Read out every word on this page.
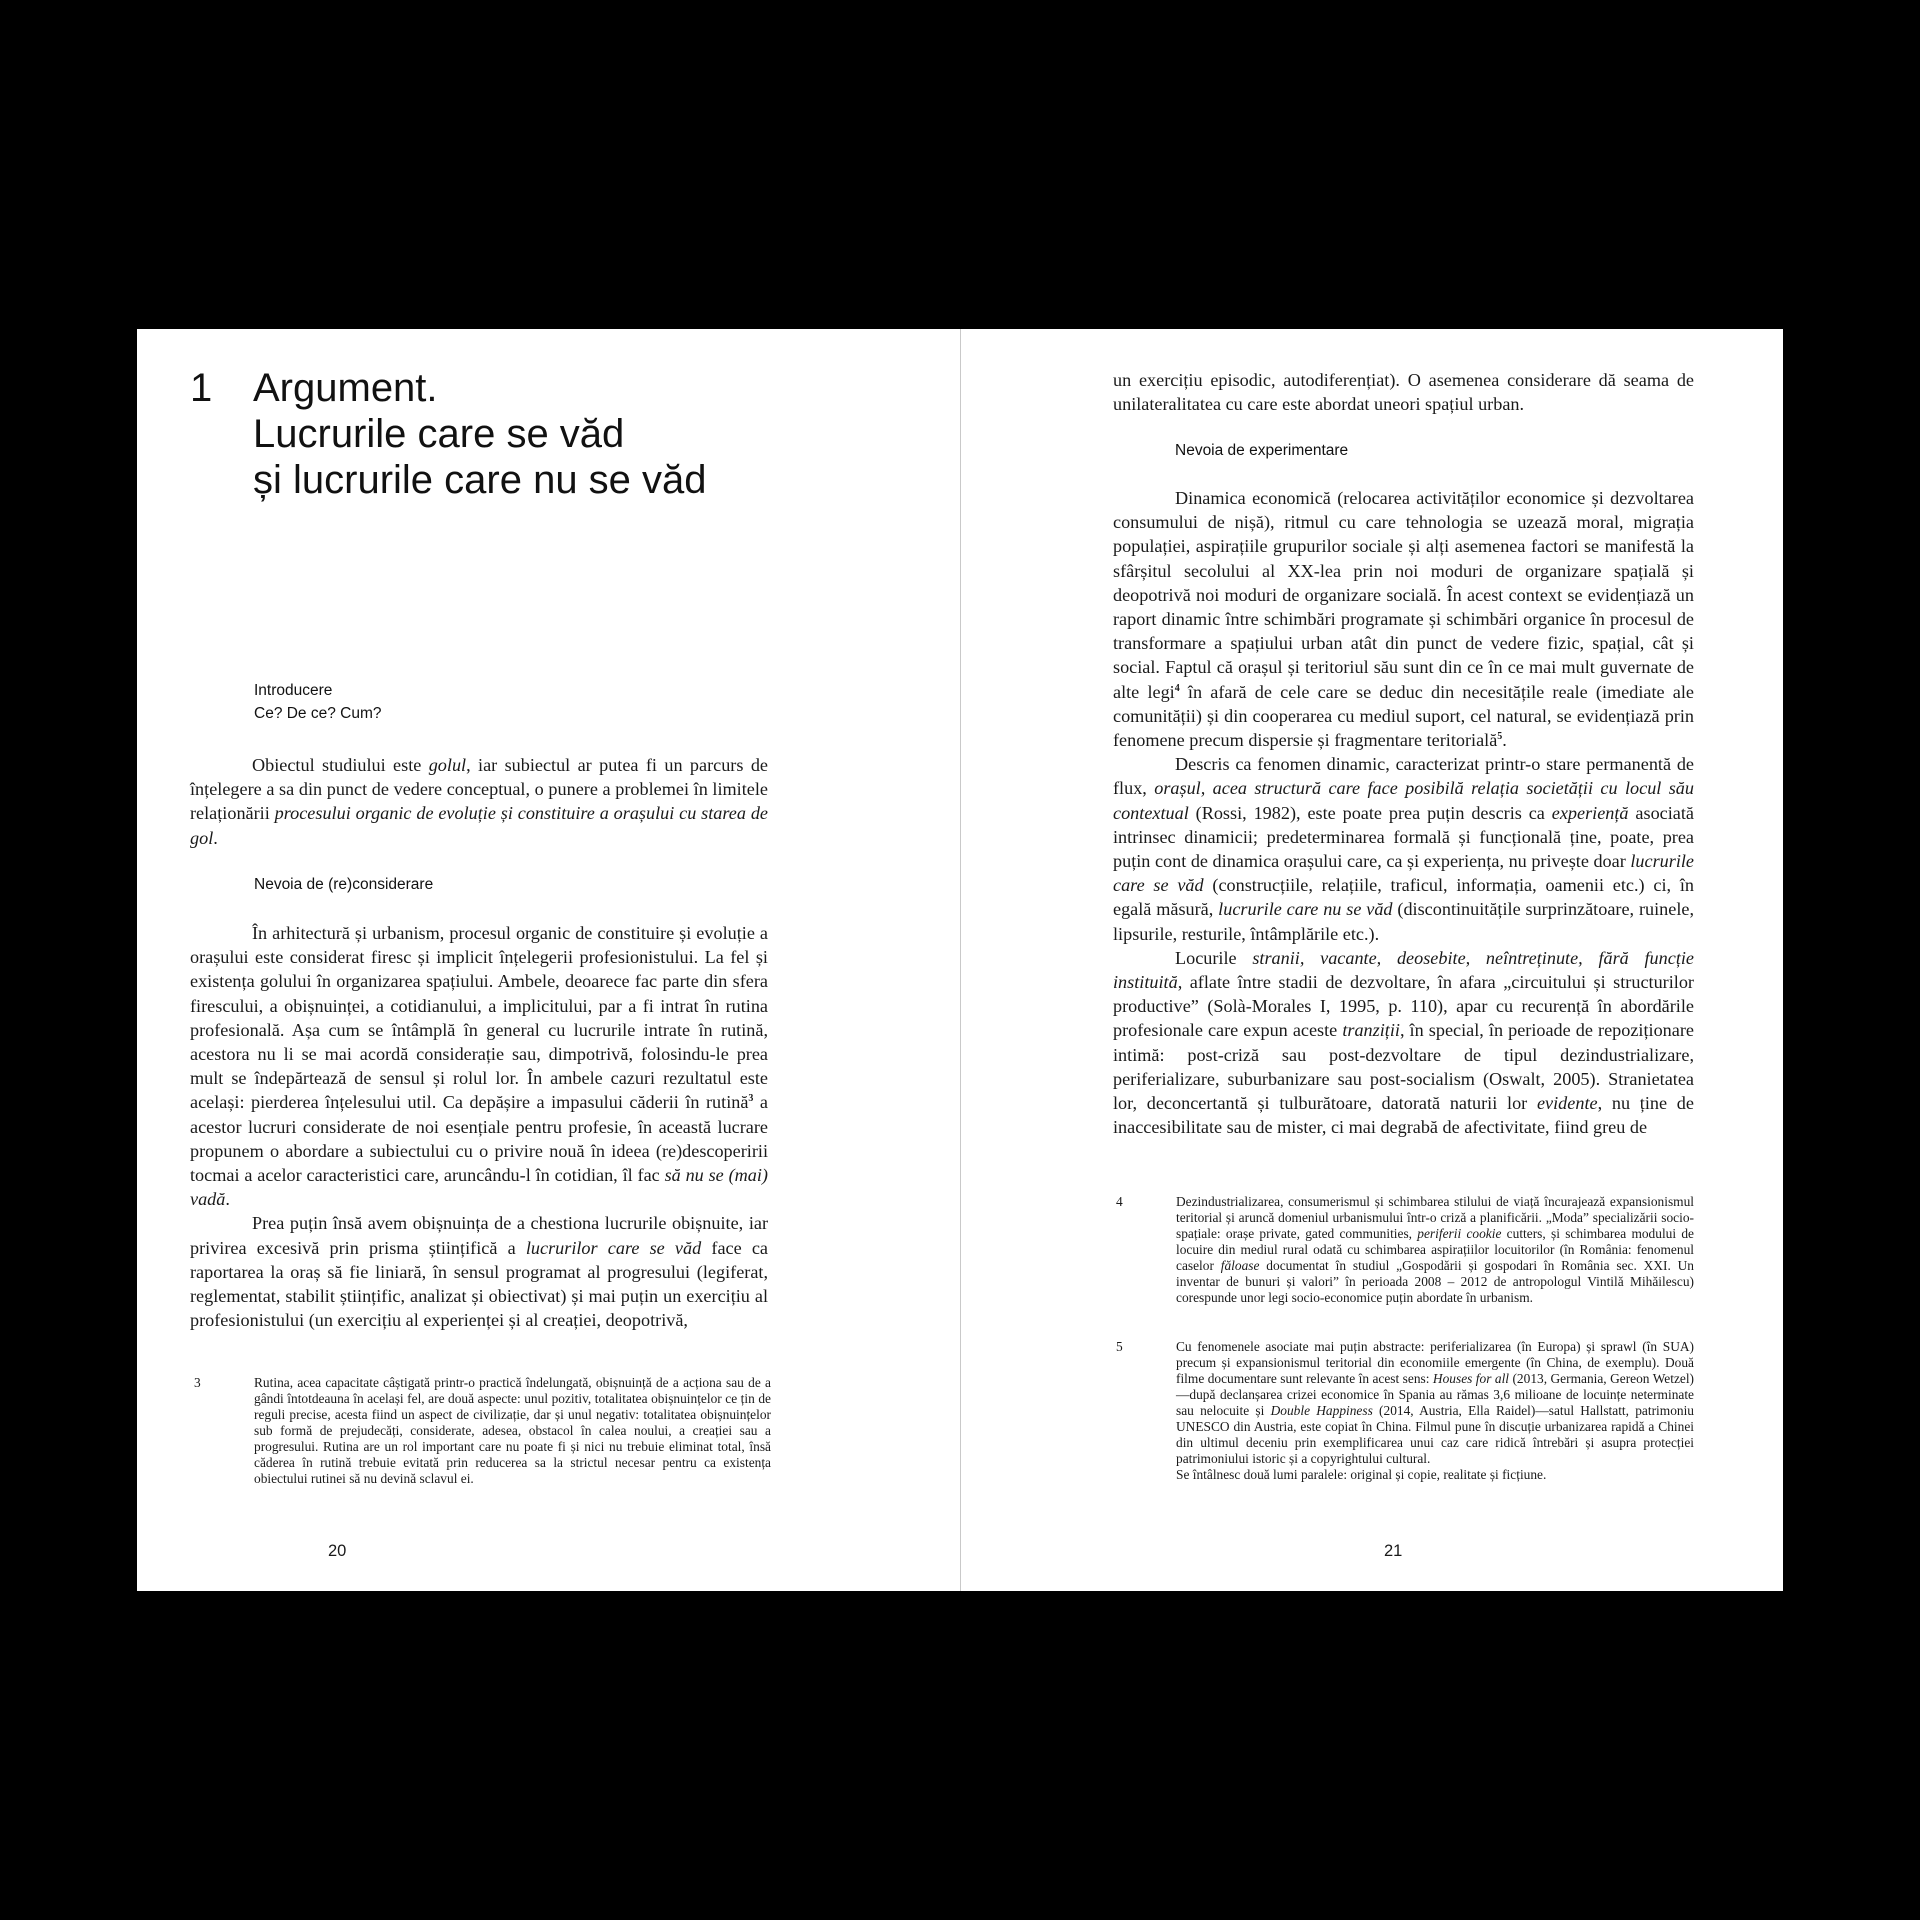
1 Argument.
Lucrurile care se văd
și lucrurile care nu se văd
Introducere
Ce? De ce? Cum?

Obiectul studiului este golul, iar subiectul ar putea fi un parcurs de înțelegere a sa din punct de vedere conceptual, o punere a problemei în limitele relaționării procesului organic de evoluție și constituire a orașului cu starea de gol.

Nevoia de (re)considerare

În arhitectură și urbanism, procesul organic de constituire și evoluție a orașului este considerat firesc și implicit înțelegerii profesionistului. La fel și existența golului în organizarea spațiului. Ambele, deoarece fac parte din sfera firescului, a obișnuinței, a cotidianului, a implicitului, par a fi intrat în rutina profesională. Așa cum se întâmplă în general cu lucrurile intrate în rutină, acestora nu li se mai acordă considerație sau, dimpotrivă, folosindu-le prea mult se îndepărtează de sensul și rolul lor. În ambele cazuri rezultatul este același: pierderea înțelesului util. Ca depășire a impasului căderii în rutină$^3$ a acestor lucruri considerate de noi esențiale pentru profesie, în această lucrare propunem o abordare a subiectului cu o privire nouă în ideea (re)descoperirii tocmai a acelor caracteristici care, aruncându-l în cotidian, îl fac să nu se (mai) vadă.

Prea puțin însă avem obișnuința de a chestiona lucrurile obișnuite, iar privirea excesivă prin prisma științifică a lucrurilor care se văd face ca raportarea la oraș să fie liniară, în sensul programat al progresului (legiferat, reglementat, stabilit științific, analizat și obiectivat) și mai puțin un exercițiu al profesionistului (un exercițiu al experienței și al creației, deopotrivă,

3	Rutina, acea capacitate câștigată printr-o practică îndelungată, obișnuință de a acționa sau de a gândi întotdeauna în același fel, are două aspecte: unul pozitiv, totalitatea obișnuințelor ce țin de reguli precise, acesta fiind un aspect de civilizație, dar și unul negativ: totalitatea obișnuințelor sub formă de prejudecăți, considerate, adesea, obstacol în calea noului, a creației sau a progresului. Rutina are un rol important care nu poate fi și nici nu trebuie eliminat total, însă căderea în rutină trebuie evitată prin reducerea sa la strictul necesar pentru ca existența obiectului rutinei să nu devină sclavul ei.
20

un exercițiu episodic, autodiferențiat). O asemenea considerare dă seama de unilateralitatea cu care este abordat uneori spațiul urban.

Nevoia de experimentare

Dinamica economică (relocarea activităților economice și dezvoltarea consumului de nișă), ritmul cu care tehnologia se uzează moral, migrația populației, aspirațiile grupurilor sociale și alți asemenea factori se manifestă la sfârșitul secolului al XX-lea prin noi moduri de organizare spațială și deopotrivă noi moduri de organizare socială. În acest context se evidențiază un raport dinamic între schimbări programate și schimbări organice în procesul de transformare a spațiului urban atât din punct de vedere fizic, spațial, cât și social. Faptul că orașul și teritoriul său sunt din ce în ce mai mult guvernate de alte legi$^4$ în afară de cele care se deduc din necesitățile reale (imediate ale comunității) și din cooperarea cu mediul suport, cel natural, se evidențiază prin fenomene precum dispersie și fragmentare teritorială$^5$.

Descris ca fenomen dinamic, caracterizat printr-o stare permanentă de flux, orașul, acea structură care face posibilă relația societății cu locul său contextual (Rossi, 1982), este poate prea puțin descris ca experiență asociată intrinsec dinamicii; predeterminarea formală și funcțională ține, poate, prea puțin cont de dinamica orașului care, ca și experiența, nu privește doar lucrurile care se văd (construcțiile, relațiile, traficul, informația, oamenii etc.) ci, în egală măsură, lucrurile care nu se văd (discontinuitățile surprinzătoare, ruinele, lipsurile, resturile, întâmplările etc.).

Locurile stranii, vacante, deosebite, neîntreținute, fără funcție instituită, aflate între stadii de dezvoltare, în afara „circuitului și structurilor productive” (Solà-Morales I, 1995, p. 110), apar cu recurență în abordările profesionale care expun aceste tranziții, în special, în perioade de repoziționare intimă: post-criză sau post-dezvoltare de tipul dezindustrializare, periferializare, suburbanizare sau post-socialism (Oswalt, 2005). Stranietatea lor, deconcertantă și tulburătoare, datorată naturii lor evidente, nu ține de inaccesibilitate sau de mister, ci mai degrabă de afectivitate, fiind greu de

4	Dezindustrializarea, consumerismul și schimbarea stilului de viață încurajează expansionismul teritorial și aruncă domeniul urbanismului într-o criză a planificării. „Moda” specializării socio-spațiale: orașe private, gated communities, periferii cookie cutters, și schimbarea modului de locuire din mediul rural odată cu schimbarea aspirațiilor locuitorilor (în România: fenomenul caselor făloase documentat în studiul „Gospodării și gospodari în România sec. XXI. Un inventar de bunuri și valori” în perioada 2008 – 2012 de antropologul Vintilă Mihăilescu) corespunde unor legi socio-economice puțin abordate în urbanism.
5	Cu fenomenele asociate mai puțin abstracte: periferializarea (în Europa) și sprawl (în SUA) precum și expansionismul teritorial din economiile emergente (în China, de exemplu). Două filme documentare sunt relevante în acest sens: Houses for all (2013, Germania, Gereon Wetzel)—după declanșarea crizei economice în Spania au rămas 3,6 milioane de locuințe neterminate sau nelocuite și Double Happiness (2014, Austria, Ella Raidel)—satul Hallstatt, patrimoniu UNESCO din Austria, este copiat în China. Filmul pune în discuție urbanizarea rapidă a Chinei din ultimul deceniu prin exemplificarea unui caz care ridică întrebări și asupra protecției patrimoniului istoric și a copyrightului cultural.
Se întâlnesc două lumi paralele: original și copie, realitate și ficțiune.
21
